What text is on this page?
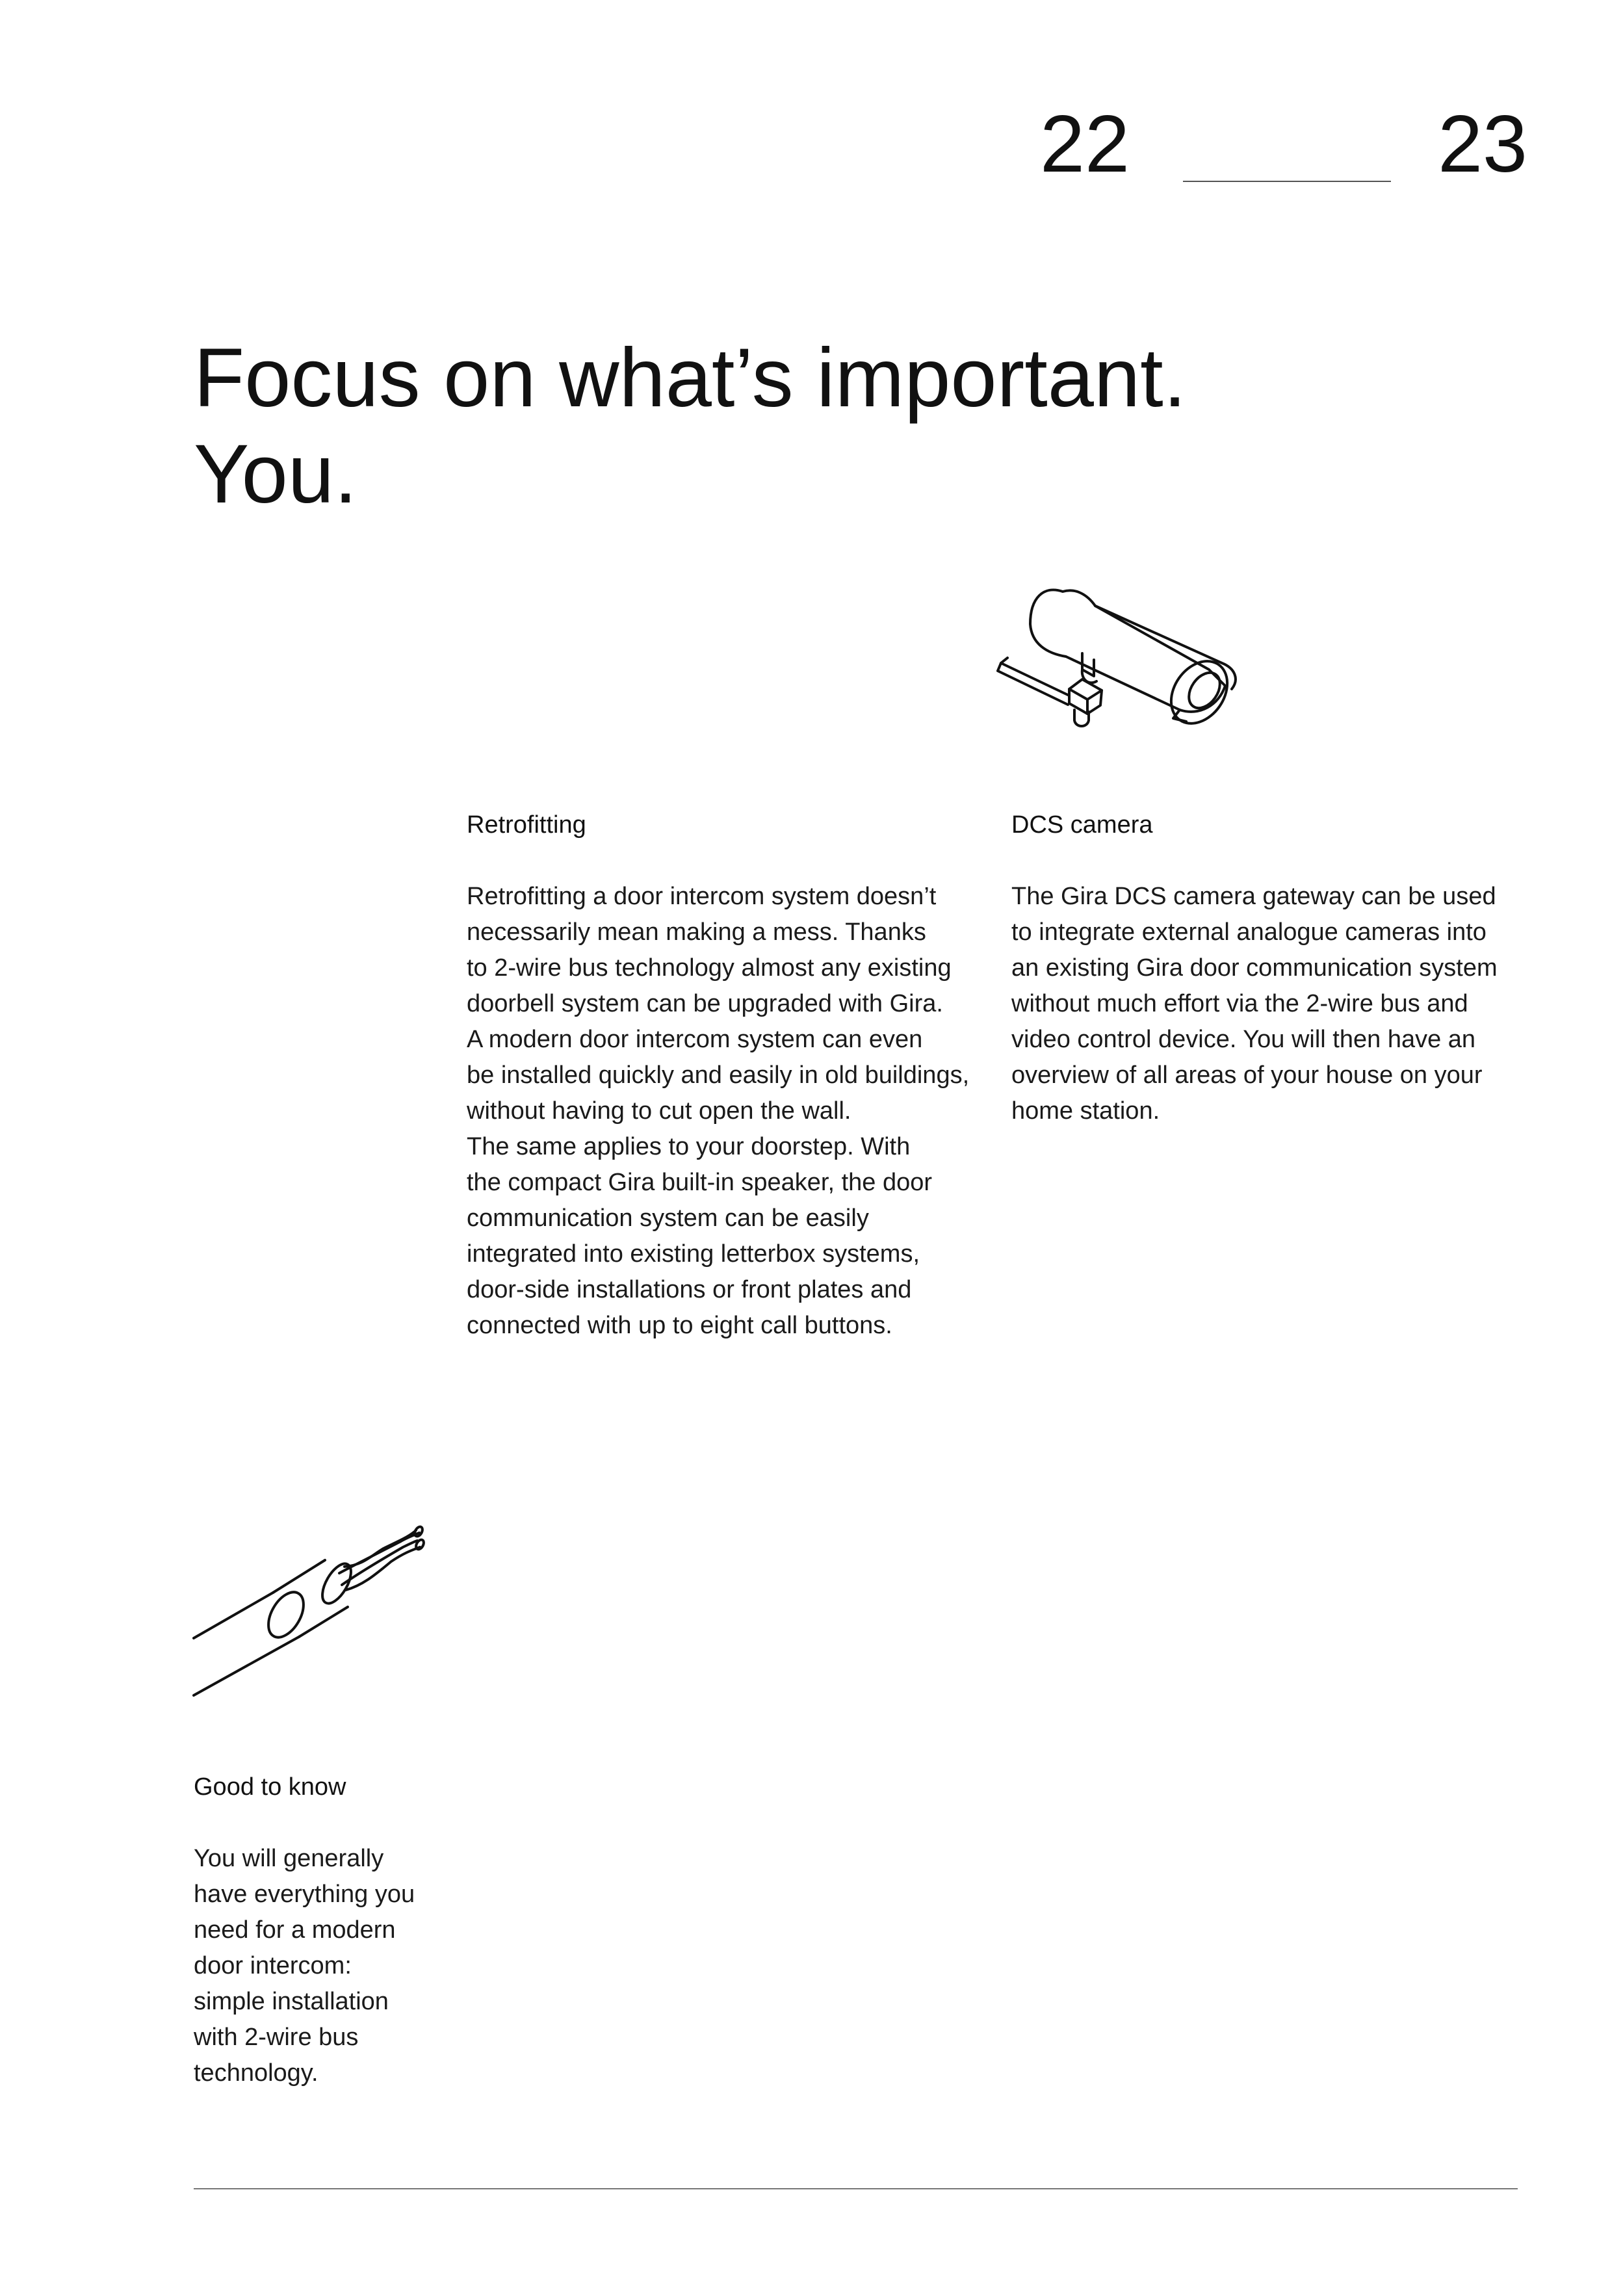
22	23
Focus on what’s important.
You.
Retrofitting

Retrofitting a door intercom system doesn’t
necessarily mean making a mess. Thanks
to 2-wire bus technology almost any existing
doorbell system can be upgraded with Gira.
A modern door intercom system can even
be installed quickly and easily in old buildings,
without having to cut open the wall.
The same applies to your doorstep. With
the compact Gira built-in speaker, the door
communication system can be easily
integrated into existing letterbox systems,
door-side installations or front plates and
connected with up to eight call buttons.

DCS camera

The Gira DCS camera gateway can be used
to integrate external analogue cameras into
an existing Gira door communication system
without much effort via the 2-wire bus and
video control device. You will then have an
overview of all areas of your house on your
home station.

Good to know

You will generally
have everything you
need for a modern
door intercom:
simple installation
with 2-wire bus
technology.
